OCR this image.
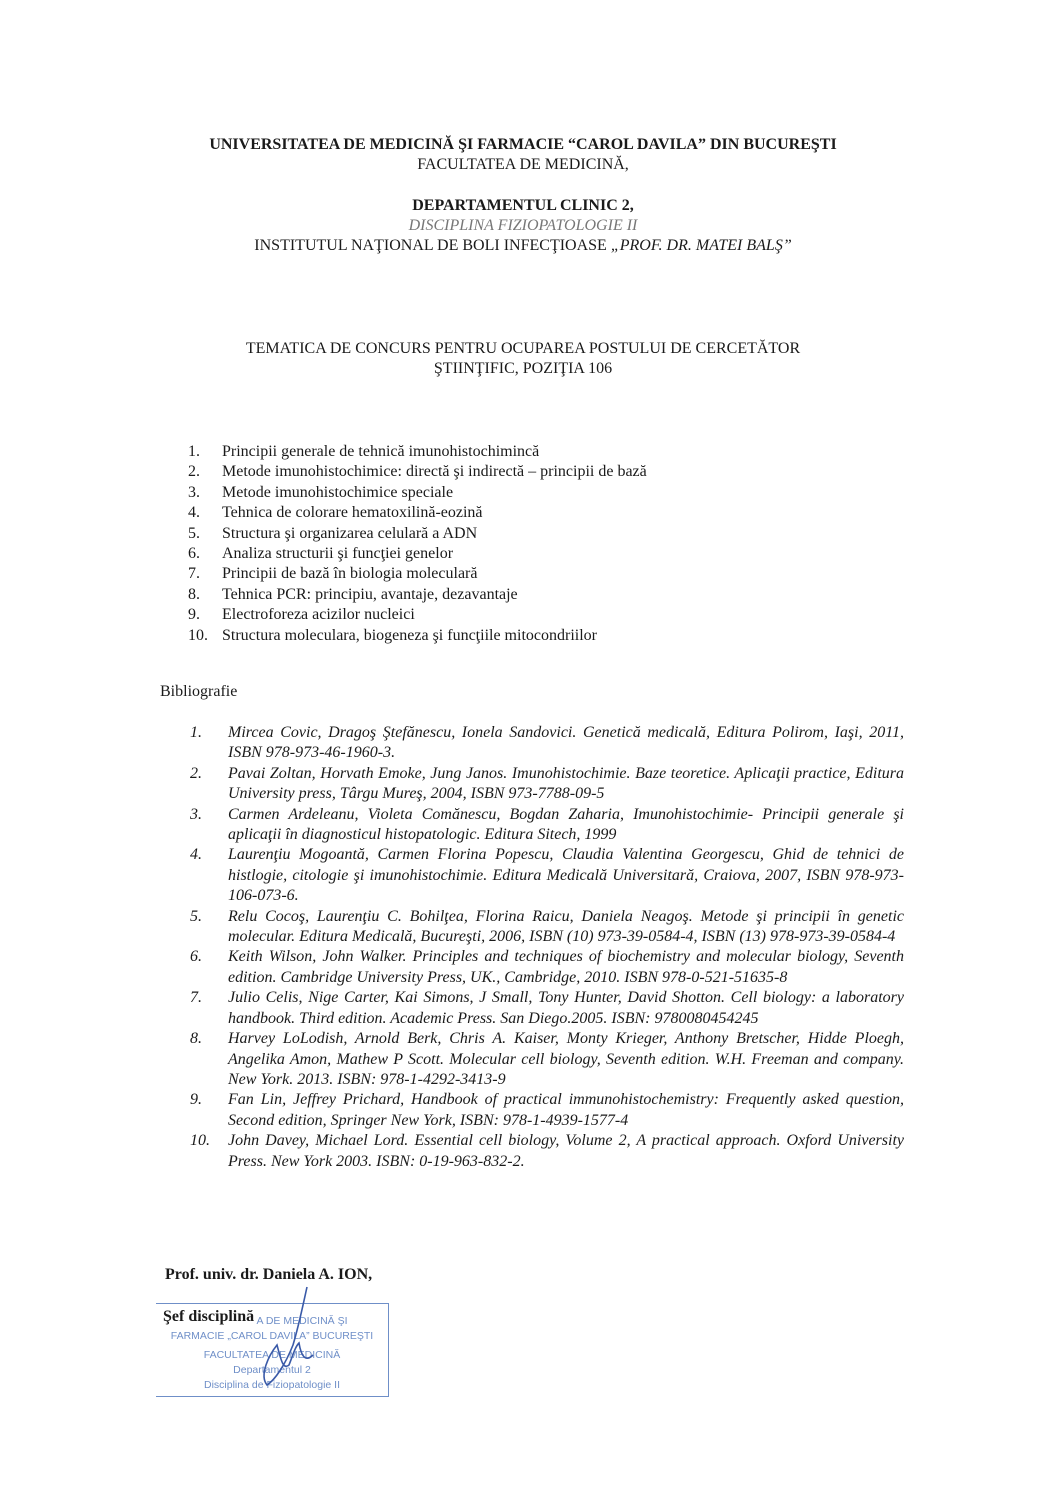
UNIVERSITATEA DE MEDICINĂ ŞI FARMACIE “CAROL DAVILA” DIN BUCUREŞTI
FACULTATEA DE MEDICINĂ,
DEPARTAMENTUL CLINIC 2,
DISCIPLINA FIZIOPATOLOGIE II
INSTITUTUL NAŢIONAL DE BOLI INFECŢIOASE „PROF. DR. MATEI BALŞ”
TEMATICA DE CONCURS PENTRU OCUPAREA POSTULUI DE CERCETĂTOR
ŞTIINŢIFIC, POZIŢIA 106
1.	Principii generale de tehnică imunohistochimincă
2.	Metode imunohistochimice: directă şi indirectă – principii de bază
3.	Metode imunohistochimice speciale
4.	Tehnica de colorare hematoxilină-eozină
5.	Structura şi organizarea celulară a ADN
6.	Analiza structurii şi funcţiei genelor
7.	Principii de bază în biologia moleculară
8.	Tehnica PCR: principiu, avantaje, dezavantaje
9.	Electroforeza acizilor nucleici
10. Structura moleculara, biogeneza şi funcţiile mitocondriilor
Bibliografie
1.	Mircea Covic, Dragoş Ştefănescu, Ionela Sandovici. Genetică medicală, Editura Polirom, Iaşi, 2011, ISBN 978-973-46-1960-3.
2.	Pavai Zoltan, Horvath Emoke, Jung Janos. Imunohistochimie. Baze teoretice. Aplicaţii practice, Editura University press, Târgu Mureş, 2004, ISBN 973-7788-09-5
3.	Carmen Ardeleanu, Violeta Comănescu, Bogdan Zaharia, Imunohistochimie- Principii generale şi aplicaţii în diagnosticul histopatologic. Editura Sitech, 1999
4.	Laurenţiu Mogoantă, Carmen Florina Popescu, Claudia Valentina Georgescu, Ghid de tehnici de histlogie, citologie şi imunohistochimie. Editura Medicală Universitară, Craiova, 2007, ISBN 978-973-106-073-6.
5.	Relu Cocoş, Laurenţiu C. Bohilţea, Florina Raicu, Daniela Neagoş. Metode şi principii în genetic molecular. Editura Medicală, Bucureşti, 2006, ISBN (10) 973-39-0584-4, ISBN (13) 978-973-39-0584-4
6.	Keith Wilson, John Walker. Principles and techniques of biochemistry and molecular biology, Seventh edition. Cambridge University Press, UK., Cambridge, 2010. ISBN 978-0-521-51635-8
7.	Julio Celis, Nige Carter, Kai Simons, J Small, Tony Hunter, David Shotton. Cell biology: a laboratory handbook. Third edition. Academic Press. San Diego.2005. ISBN: 9780080454245
8.	Harvey LoLodish, Arnold Berk, Chris A. Kaiser, Monty Krieger, Anthony Bretscher, Hidde Ploegh, Angelika Amon, Mathew P Scott. Molecular cell biology, Seventh edition. W.H. Freeman and company. New York. 2013. ISBN: 978-1-4292-3413-9
9.	Fan Lin, Jeffrey Prichard, Handbook of practical immunohistochemistry: Frequently asked question, Second edition, Springer New York, ISBN: 978-1-4939-1577-4
10.	John Davey, Michael Lord. Essential cell biology, Volume 2, A practical approach. Oxford University Press. New York 2003. ISBN: 0-19-963-832-2.
Prof. univ. dr. Daniela A. ION,
A DE MEDICINĂ ŞI
FARMACIE „CAROL DAVILA” BUCUREŞTI
FACULTATEA DE MEDICINĂ
Departamentul 2
Disciplina de Fiziopatologie II
Şef disciplină
